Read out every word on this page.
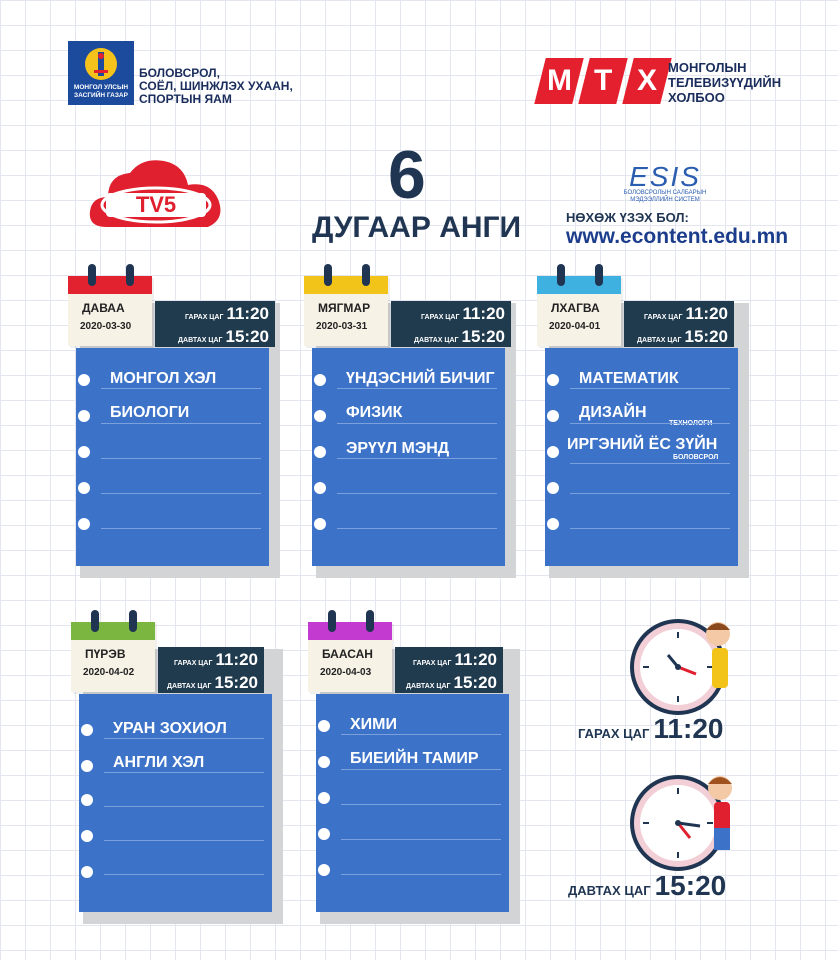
МОНГОЛ УЛСЫН ЗАСГИЙН ГАЗАР
БОЛОВСРОЛ,
СОЁЛ, ШИНЖЛЭХ УХААН,
СПОРТЫН ЯАМ
М Т Х МОНГОЛЫН
ТЕЛЕВИЗҮҮДИЙН
ХОЛБОО
TV5	6
ДУГААР АНГИ
ESIS
БОЛОВСРОЛЫН САЛБАРЫН МЭДЭЭЛЛИЙН СИСТЕМ
НӨХӨЖ ҮЗЭХ БОЛ:
www.econtent.edu.mn
МОНГОЛ ХЭЛ
БИОЛОГИ
ДАВАА
2020-03-30
ГАРАХ ЦАГ 11:20
ДАВТАХ ЦАГ 15:20
ҮНДЭСНИЙ БИЧИГ
ФИЗИК
ЭРҮҮЛ МЭНД
МЯГМАР
2020-03-31
ГАРАХ ЦАГ 11:20
ДАВТАХ ЦАГ 15:20
МАТЕМАТИК
ДИЗАЙН
ИРГЭНИЙ ЁС ЗҮЙН
БОЛОВСРОЛ
ЛХАГВА
2020-04-01
ГАРАХ ЦАГ 11:20
ДАВТАХ ЦАГ 15:20
УРАН ЗОХИОЛ
АНГЛИ ХЭЛ
ПҮРЭВ
2020-04-02
ГАРАХ ЦАГ 11:20
ДАВТАХ ЦАГ 15:20
ХИМИ
БИЕИЙН ТАМИР
БААСАН
2020-04-03
ГАРАХ ЦАГ 11:20
ДАВТАХ ЦАГ 15:20
ГАРАХ ЦАГ 11:20
ДАВТАХ ЦАГ 15:20
